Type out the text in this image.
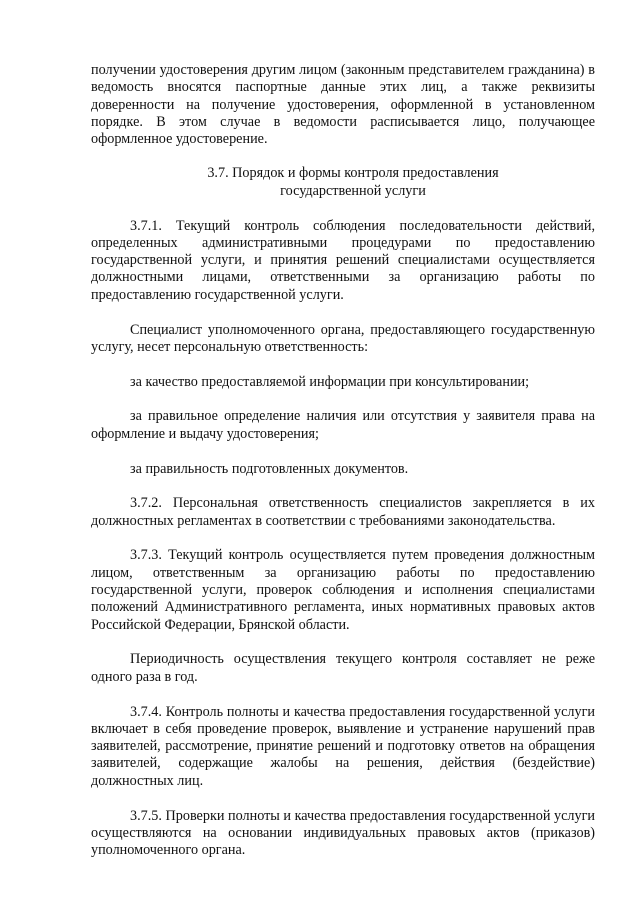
получении удостоверения другим лицом (законным представителем гражданина) в ведомость вносятся паспортные данные этих лиц, а также реквизиты доверенности на получение удостоверения, оформленной в установленном порядке. В этом случае в ведомости расписывается лицо, получающее оформленное удостоверение.

3.7. Порядок и формы контроля предоставления
государственной услуги

3.7.1. Текущий контроль соблюдения последовательности действий, определенных административными процедурами по предоставлению государственной услуги, и принятия решений специалистами осуществляется должностными лицами, ответственными за организацию работы по предоставлению государственной услуги.

Специалист уполномоченного органа, предоставляющего государственную услугу, несет персональную ответственность:

за качество предоставляемой информации при консультировании;

за правильное определение наличия или отсутствия у заявителя права на оформление и выдачу удостоверения;

за правильность подготовленных документов.

3.7.2. Персональная ответственность специалистов закрепляется в их должностных регламентах в соответствии с требованиями законодательства.

3.7.3. Текущий контроль осуществляется путем проведения должностным лицом, ответственным за организацию работы по предоставлению государственной услуги, проверок соблюдения и исполнения специалистами положений Административного регламента, иных нормативных правовых актов Российской Федерации, Брянской области.

Периодичность осуществления текущего контроля составляет не реже одного раза в год.

3.7.4. Контроль полноты и качества предоставления государственной услуги включает в себя проведение проверок, выявление и устранение нарушений прав заявителей, рассмотрение, принятие решений и подготовку ответов на обращения заявителей, содержащие жалобы на решения, действия (бездействие) должностных лиц.

3.7.5. Проверки полноты и качества предоставления государственной услуги осуществляются на основании индивидуальных правовых актов (приказов) уполномоченного органа.
